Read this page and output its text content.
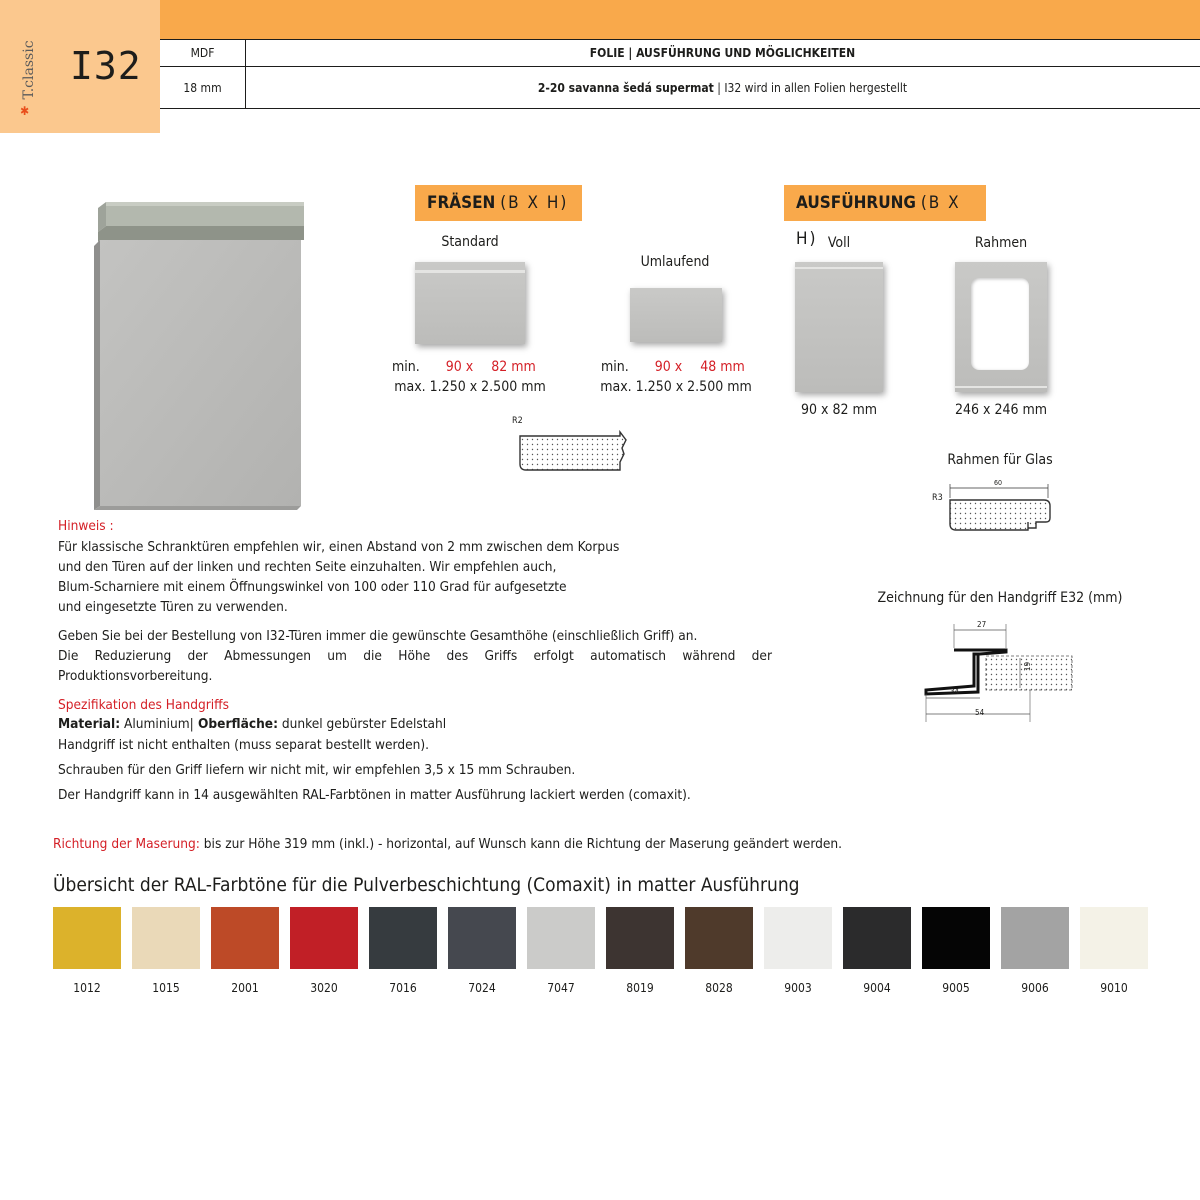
✱
T.classic I32	MDF	FOLIE | AUSFÜHRUNG UND MÖGLICHKEITEN
18 mm	2-20 savanna šedá supermat | I32 wird in allen Folien hergestellt
FRÄSEN (B X H)
Standard
min. 90 x 82 mm
max. 1.250 x 2.500 mm
Umlaufend
min. 90 x 48 mm
max. 1.250 x 2.500 mm
R2
AUSFÜHRUNG (B X H) Voll
90 x 82 mm
Rahmen
246 x 246 mm
Rahmen für Glas
R3
60
Zeichnung für den Handgriff E32 (mm)
27
19
34
54
Hinweis :
Für klassische Schranktüren empfehlen wir, einen Abstand von 2 mm zwischen dem Korpus
und den Türen auf der linken und rechten Seite einzuhalten. Wir empfehlen auch,
Blum-Scharniere mit einem Öffnungswinkel von 100 oder 110 Grad für aufgesetzte
und eingesetzte Türen zu verwenden.
Geben Sie bei der Bestellung von I32-Türen immer die gewünschte Gesamthöhe (einschließlich Griff) an.
Die Reduzierung der Abmessungen um die Höhe des Griffs erfolgt automatisch während der Produktionsvorbereitung.
Spezifikation des Handgriffs
Material: Aluminium| Oberfläche: dunkel gebürster Edelstahl
Handgriff ist nicht enthalten (muss separat bestellt werden).
Schrauben für den Griff liefern wir nicht mit, wir empfehlen 3,5 x 15 mm Schrauben.
Der Handgriff kann in 14 ausgewählten RAL-Farbtönen in matter Ausführung lackiert werden (comaxit).
Richtung der Maserung: bis zur Höhe 319 mm (inkl.) - horizontal, auf Wunsch kann die Richtung der Maserung geändert werden.
Übersicht der RAL-Farbtöne für die Pulverbeschichtung (Comaxit) in matter Ausführung
1012	1015	2001	3020	7016	7024	7047	8019	8028	9003	9004	9005	9006	9010
